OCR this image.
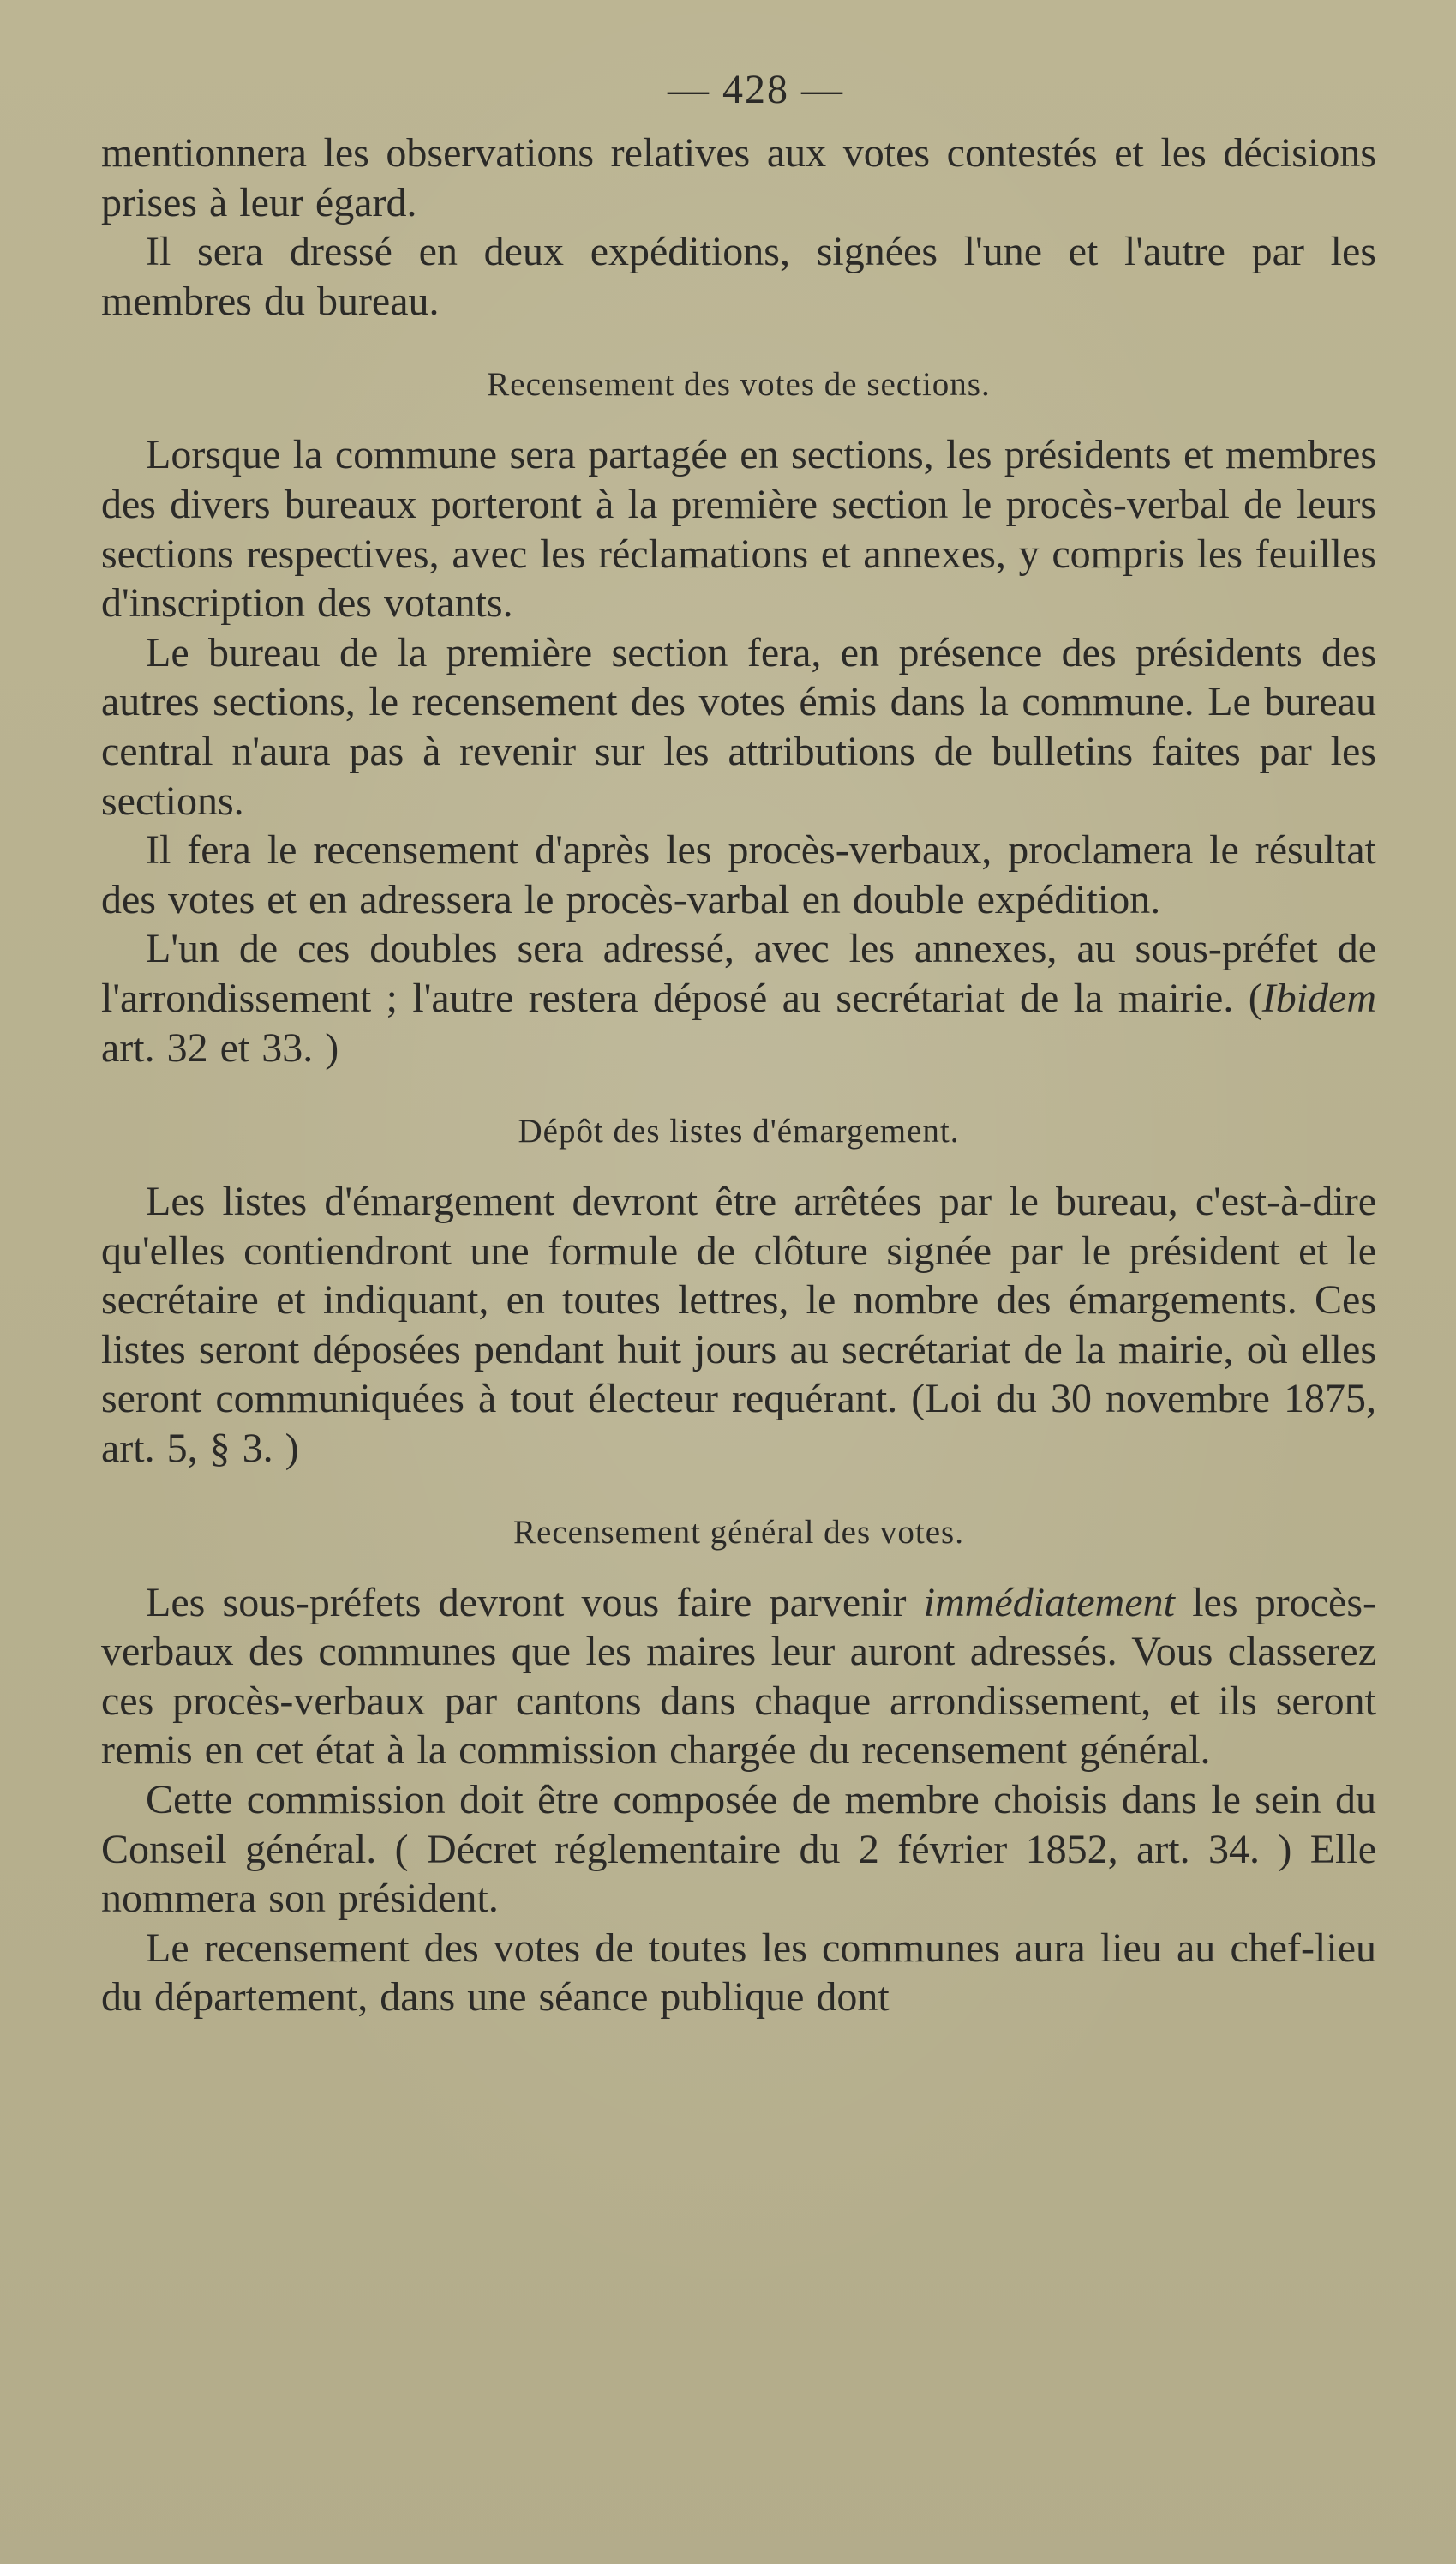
— 428 —

mentionnera les observations relatives aux votes contestés et les décisions prises à leur égard.

Il sera dressé en deux expéditions, signées l'une et l'autre par les membres du bureau.

Recensement des votes de sections.

Lorsque la commune sera partagée en sections, les présidents et membres des divers bureaux porteront à la première section le procès-verbal de leurs sections respectives, avec les réclamations et annexes, y compris les feuilles d'inscription des votants.

Le bureau de la première section fera, en présence des présidents des autres sections, le recensement des votes émis dans la commune. Le bureau central n'aura pas à revenir sur les attributions de bulletins faites par les sections.

Il fera le recensement d'après les procès-verbaux, proclamera le résultat des votes et en adressera le procès-varbal en double expédition.

L'un de ces doubles sera adressé, avec les annexes, au sous-préfet de l'arrondissement ; l'autre restera déposé au secrétariat de la mairie. (Ibidem art. 32 et 33. )

Dépôt des listes d'émargement.

Les listes d'émargement devront être arrêtées par le bureau, c'est-à-dire qu'elles contiendront une formule de clôture signée par le président et le secrétaire et indiquant, en toutes lettres, le nombre des émargements. Ces listes seront déposées pendant huit jours au secrétariat de la mairie, où elles seront communiquées à tout électeur requérant. (Loi du 30 novembre 1875, art. 5, § 3. )

Recensement général des votes.

Les sous-préfets devront vous faire parvenir immédiatement les procès-verbaux des communes que les maires leur auront adressés. Vous classerez ces procès-verbaux par cantons dans chaque arrondissement, et ils seront remis en cet état à la commission chargée du recensement général.

Cette commission doit être composée de membre choisis dans le sein du Conseil général. ( Décret réglementaire du 2 février 1852, art. 34. ) Elle nommera son président.

Le recensement des votes de toutes les communes aura lieu au chef-lieu du département, dans une séance publique dont
